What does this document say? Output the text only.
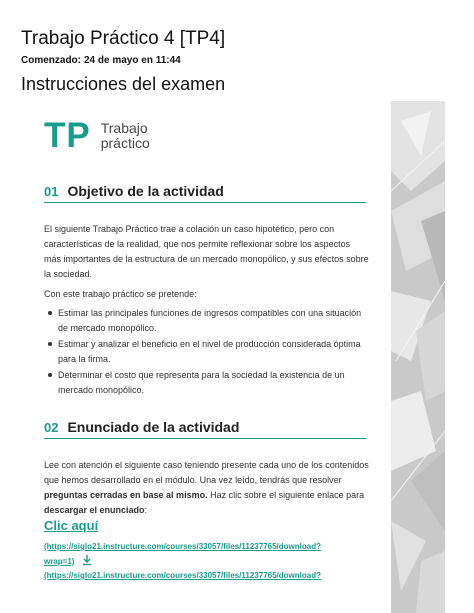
Trabajo Práctico 4 [TP4]
Comenzado: 24 de mayo en 11:44
Instrucciones del examen
TP Trabajo
práctico
01 Objetivo de la actividad

El siguiente Trabajo Práctico trae a colación un caso hipotético, pero con características de la realidad, que nos permite reflexionar sobre los aspectos más importantes de la estructura de un mercado monopólico, y sus efectos sobre la sociedad.

Con este trabajo práctico se pretende:

Estimar las principales funciones de ingresos compatibles con una situación de mercado monopólico.
Estimar y analizar el beneficio en el nivel de producción considerada óptima para la firma.
Determinar el costo que representa para la sociedad la existencia de un mercado monopólico.
02 Enunciado de la actividad

Lee con atención el siguiente caso teniendo presente cada uno de los contenidos que hemos desarrollado en el módulo. Una vez leído, tendrás que resolver preguntas cerradas en base al mismo. Haz clic sobre el siguiente enlace para descargar el enunciado:

Clic aquí
(https://siglo21.instructure.com/courses/33057/files/11237765/download?
wrap=1)
(https://siglo21.instructure.com/courses/33057/files/11237765/download?
